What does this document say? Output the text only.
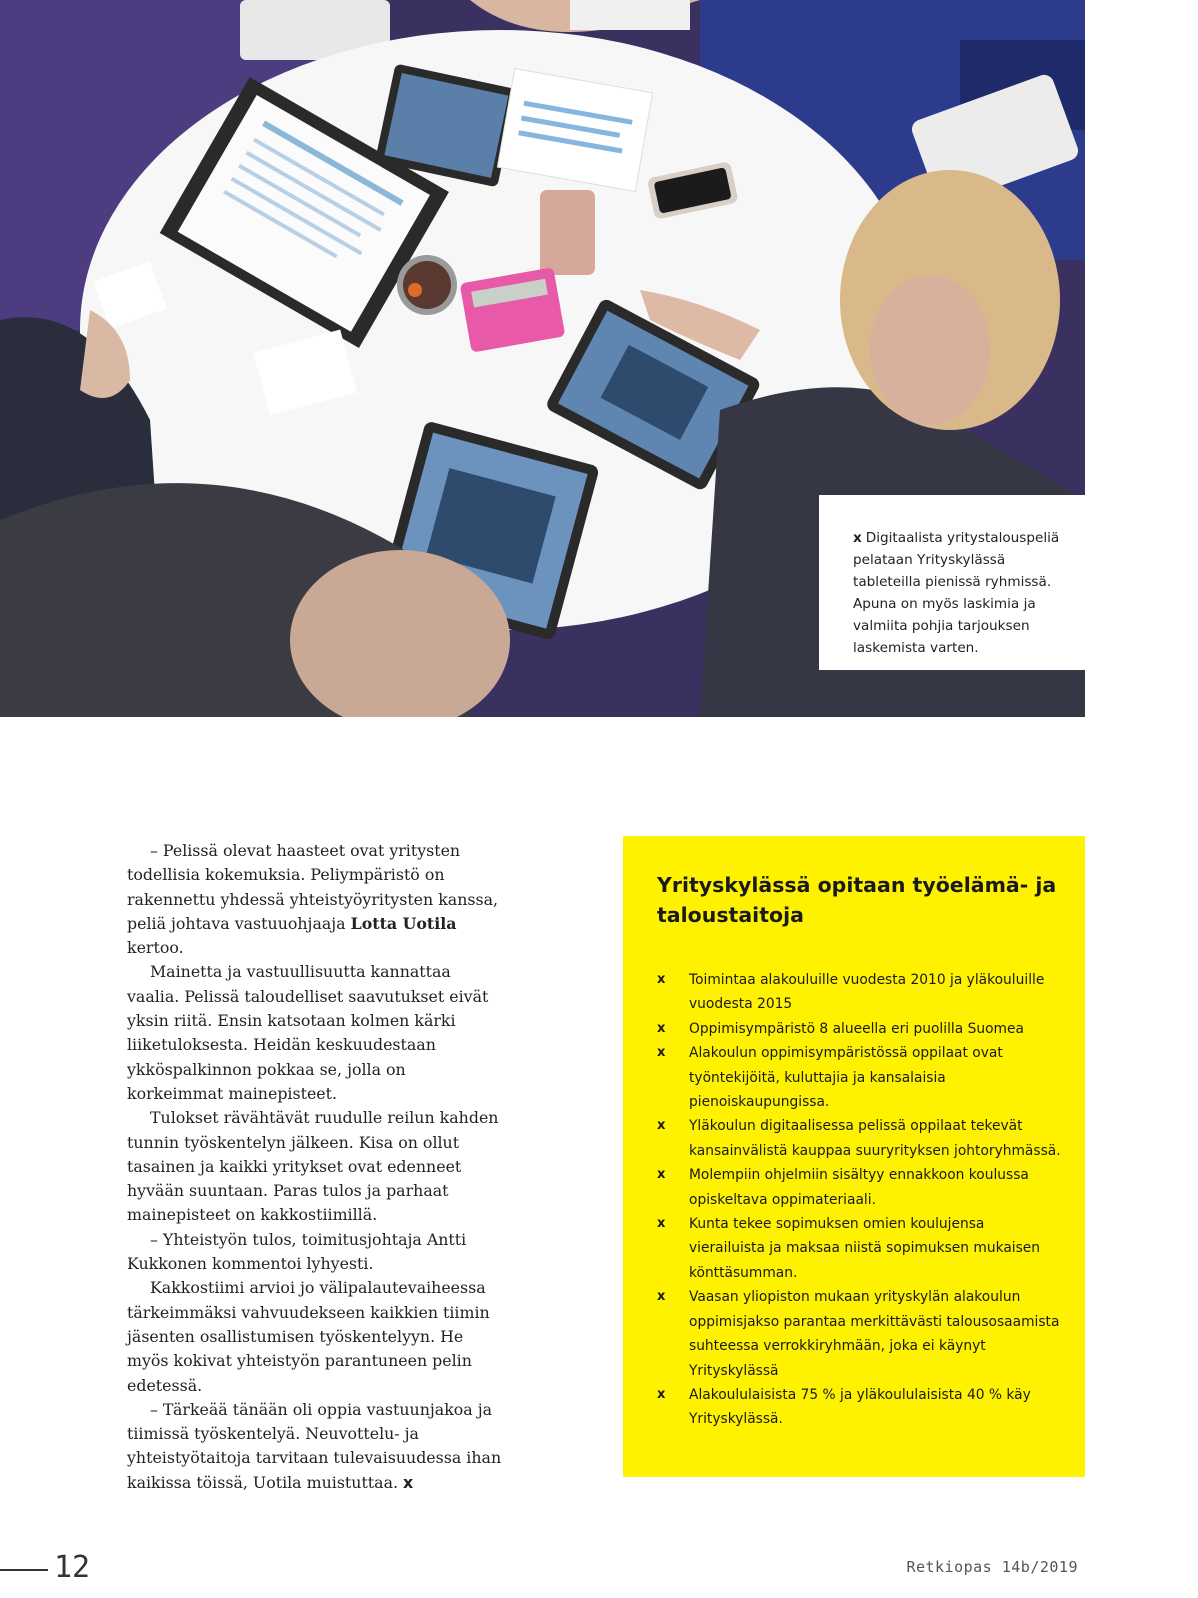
x Digitaalista yritystalouspeliä pelataan Yrityskylässä tableteilla pienissä ryhmissä. Apuna on myös laskimia ja valmiita pohjia tarjouksen laskemista varten.

– Pelissä olevat haasteet ovat yritysten todellisia kokemuksia. Peliympäristö on rakennettu yhdessä yhteistyöyritysten kanssa, peliä johtava vastuuohjaaja Lotta Uotila kertoo.

Mainetta ja vastuullisuutta kannattaa vaalia. Pelissä taloudelliset saavutukset eivät yksin riitä. Ensin katsotaan kolmen kärki liiketuloksesta. Heidän keskuudestaan ykköspalkinnon pokkaa se, jolla on korkeimmat mainepisteet.

Tulokset rävähtävät ruudulle reilun kahden tunnin työskentelyn jälkeen. Kisa on ollut tasainen ja kaikki yritykset ovat edenneet hyvään suuntaan. Paras tulos ja parhaat mainepisteet on kakkostiimillä.

– Yhteistyön tulos, toimitusjohtaja Antti Kukkonen kommentoi lyhyesti.

Kakkostiimi arvioi jo välipalautevaiheessa tärkeimmäksi vahvuudekseen kaikkien tiimin jäsenten osallistumisen työskentelyyn. He myös kokivat yhteistyön parantuneen pelin edetessä.

– Tärkeää tänään oli oppia vastuunjakoa ja tiimissä työskentelyä. Neuvottelu- ja yhteistyötaitoja tarvitaan tulevaisuudessa ihan kaikissa töissä, Uotila muistuttaa. x

Yrityskylässä opitaan työelämä- ja taloustaitoja
x Toimintaa alakouluille vuodesta 2010 ja yläkouluille vuodesta 2015
x Oppimisympäristö 8 alueella eri puolilla Suomea
x Alakoulun oppimisympäristössä oppilaat ovat työntekijöitä, kuluttajia ja kansalaisia pienoiskaupungissa.
x Yläkoulun digitaalisessa pelissä oppilaat tekevät kansainvälistä kauppaa suuryrityksen johtoryhmässä.
x Molempiin ohjelmiin sisältyy ennakkoon koulussa opiskeltava oppimateriaali.
x Kunta tekee sopimuksen omien koulujensa vierailuista ja maksaa niistä sopimuksen mukaisen könttäsumman.
x Vaasan yliopiston mukaan yrityskylän alakoulun oppimisjakso parantaa merkittävästi talousosaamista suhteessa verrokkiryhmään, joka ei käynyt Yrityskylässä
x Alakoululaisista 75 % ja yläkoululaisista 40 % käy Yrityskylässä.
12	Retkiopas 14b/2019
